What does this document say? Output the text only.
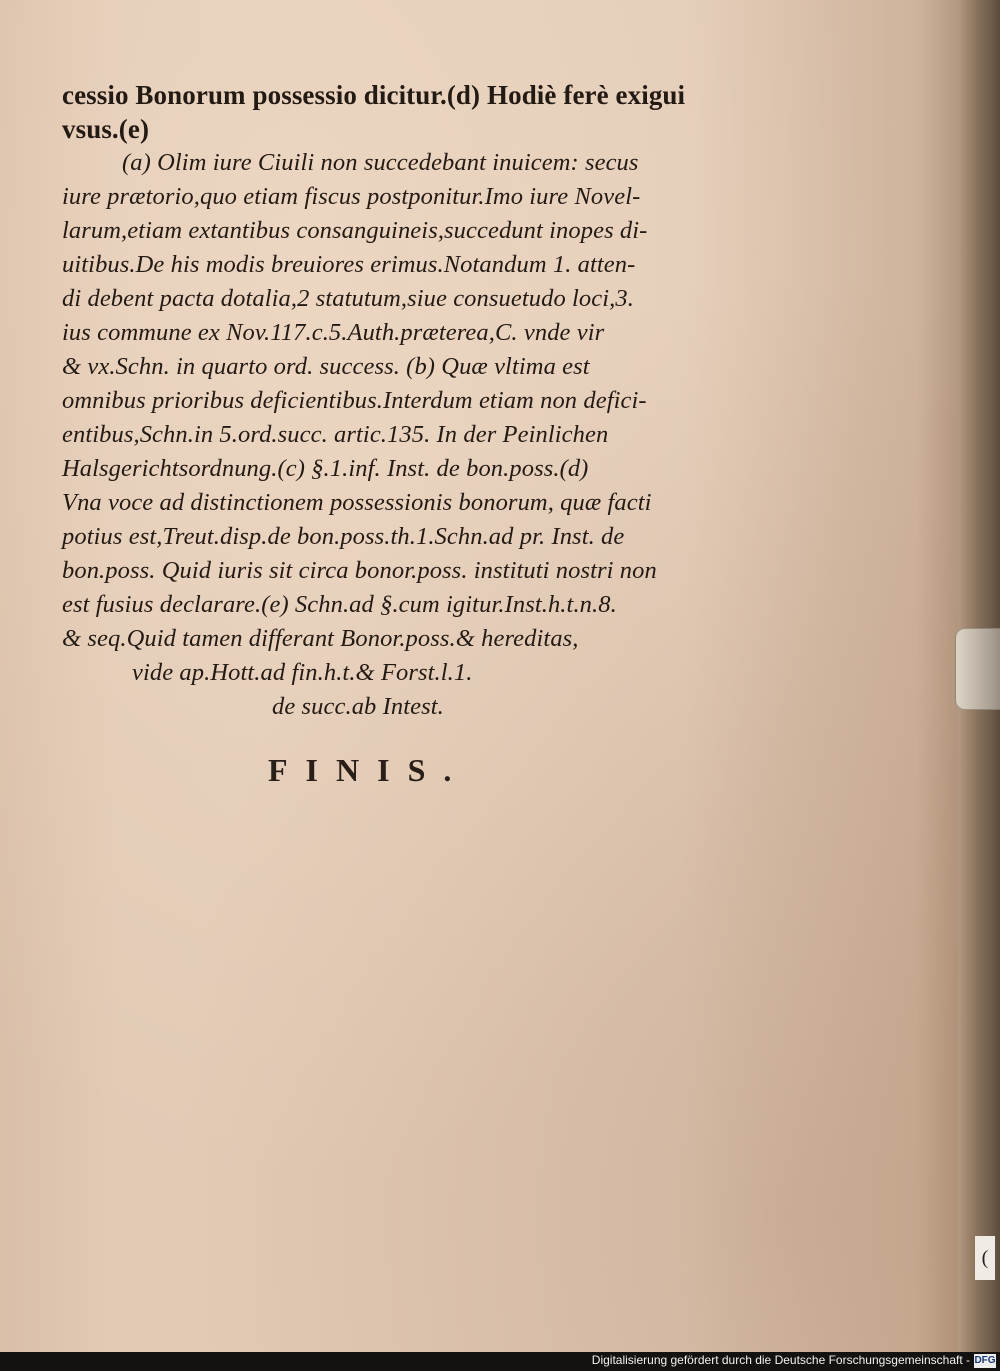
cessio Bonorum possessio dicitur.(d) Hodiè ferè exigui
vsus.(e)
(a) Olim iure Ciuili non succedebant inuicem: secus
iure prætorio,quo etiam fiscus postponitur.Imo iure Novel-
larum,etiam extantibus consanguineis,succedunt inopes di-
uitibus.De his modis breuiores erimus.Notandum 1. atten-
di debent pacta dotalia,2 statutum,siue consuetudo loci,3.
ius commune ex Nov.117.c.5.Auth.præterea,C. vnde vir
& vx.Schn. in quarto ord. success. (b) Quæ vltima est
omnibus prioribus deficientibus.Interdum etiam non defici-
entibus,Schn.in 5.ord.succ. artic.135. In der Peinlichen
Halsgerichtsordnung.(c) §.1.inf. Inst. de bon.poss.(d)
Vna voce ad distinctionem possessionis bonorum, quæ facti
potius est,Treut.disp.de bon.poss.th.1.Schn.ad pr. Inst. de
bon.poss. Quid iuris sit circa bonor.poss. instituti nostri non
est fusius declarare.(e) Schn.ad §.cum igitur.Inst.h.t.n.8.
& seq.Quid tamen differant Bonor.poss.& hereditas,
vide ap.Hott.ad fin.h.t.& Forst.l.1.
de succ.ab Intest.
FINIS.
(
Digitalisierung gefördert durch die Deutsche Forschungsgemeinschaft - DFG
